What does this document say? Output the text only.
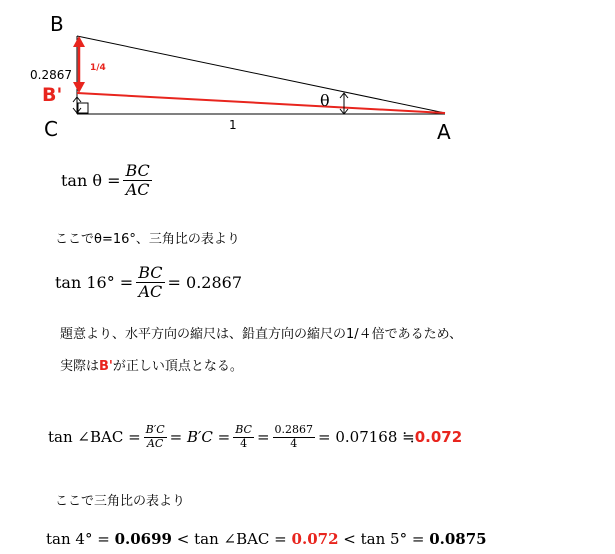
B
0.2867 1/4
B'
C	1	A
θ
$\tan \theta = \frac{BC}{AC}$
ここでθ=16°、三角比の表より
$\tan 16^\circ = \frac{BC}{AC} = 0.2867$
題意より、水平方向の縮尺は、鉛直方向の縮尺の1/４倍であるため、
実際はB'が正しい頂点となる。
tan ∠BAC = $\frac{B'C}{AC} = B'C = \frac{BC}{4} = \frac{0.2867}{4} = 0.07168$ ≒ 0.072
ここで三角比の表より
tan 4° = 0.0699 < tan ∠BAC = 0.072 < tan 5° = 0.0875
